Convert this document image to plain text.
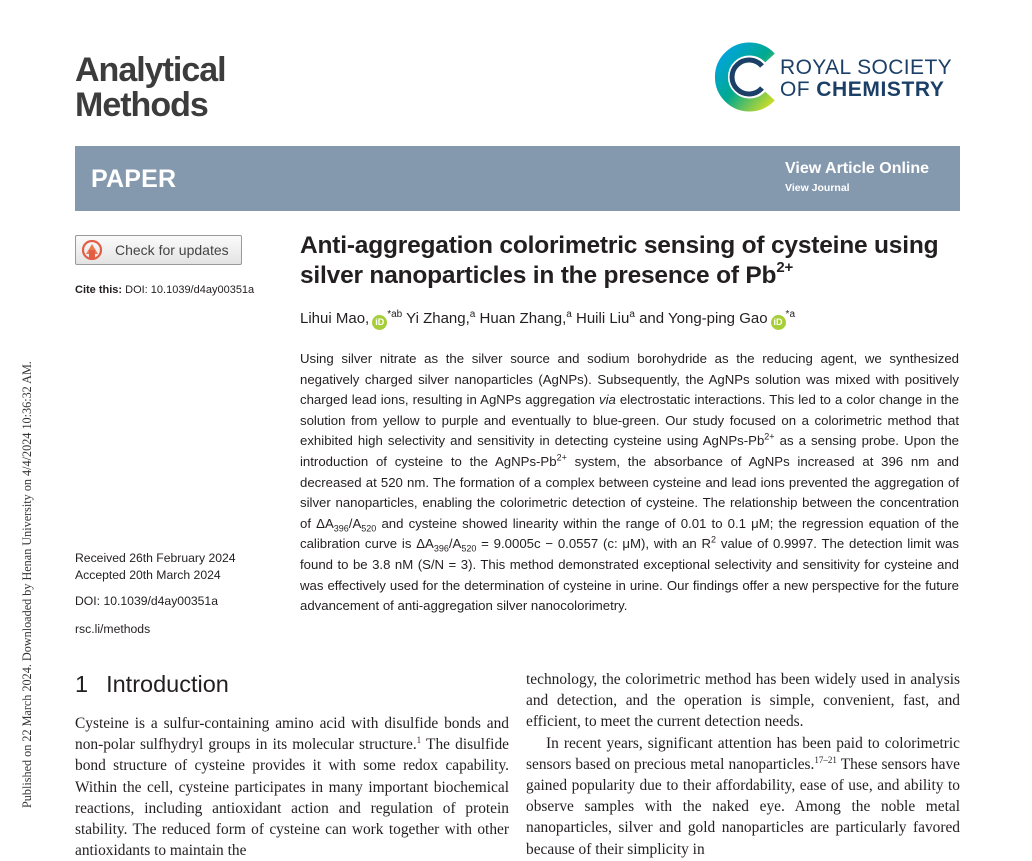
Published on 22 March 2024. Downloaded by Henan University on 4/4/2024 10:36:32 AM.
Analytical
Methods
ROYAL SOCIETY
OF CHEMISTRY
PAPER	View Article Online
View Journal
Check for updates
Cite this: DOI: 10.1039/d4ay00351a
Anti-aggregation colorimetric sensing of cysteine using silver nanoparticles in the presence of $Pb^{2+}$
Lihui Mao, $iD^{*ab}$ Yi Zhang,$^a$ Huan Zhang,$^a$ Huili Liu$^a$ and Yong-ping Gao $iD^{*a}$
Using silver nitrate as the silver source and sodium borohydride as the reducing agent, we synthesized negatively charged silver nanoparticles (AgNPs). Subsequently, the AgNPs solution was mixed with positively charged lead ions, resulting in AgNPs aggregation via electrostatic interactions. This led to a color change in the solution from yellow to purple and eventually to blue-green. Our study focused on a colorimetric method that exhibited high selectivity and sensitivity in detecting cysteine using AgNPs-$Pb^{2+}$ as a sensing probe. Upon the introduction of cysteine to the AgNPs-$Pb^{2+}$ system, the absorbance of AgNPs increased at 396 nm and decreased at 520 nm. The formation of a complex between cysteine and lead ions prevented the aggregation of silver nanoparticles, enabling the colorimetric detection of cysteine. The relationship between the concentration of $\Delta A_{396}/A_{520}$ and cysteine showed linearity within the range of 0.01 to 0.1 μM; the regression equation of the calibration curve is $\Delta A_{396}/A_{520} = 9.0005c - 0.0557$ (c: μM), with an $R^2$ value of 0.9997. The detection limit was found to be 3.8 nM (S/N = 3). This method demonstrated exceptional selectivity and sensitivity for cysteine and was effectively used for the determination of cysteine in urine. Our findings offer a new perspective for the future advancement of anti-aggregation silver nanocolorimetry.
Received 26th February 2024
Accepted 20th March 2024
DOI: 10.1039/d4ay00351a
rsc.li/methods
1 Introduction

Cysteine is a sulfur-containing amino acid with disulfide bonds and non-polar sulfhydryl groups in its molecular structure.$^1$ The disulfide bond structure of cysteine provides it with some redox capability. Within the cell, cysteine participates in many important biochemical reactions, including antioxidant action and regulation of protein stability. The reduced form of cysteine can work together with other antioxidants to maintain the

technology, the colorimetric method has been widely used in analysis and detection, and the operation is simple, convenient, fast, and efficient, to meet the current detection needs.

In recent years, significant attention has been paid to colorimetric sensors based on precious metal nanoparticles.$^{17-21}$ These sensors have gained popularity due to their affordability, ease of use, and ability to observe samples with the naked eye. Among the noble metal nanoparticles, silver and gold nanoparticles are particularly favored because of their simplicity in
